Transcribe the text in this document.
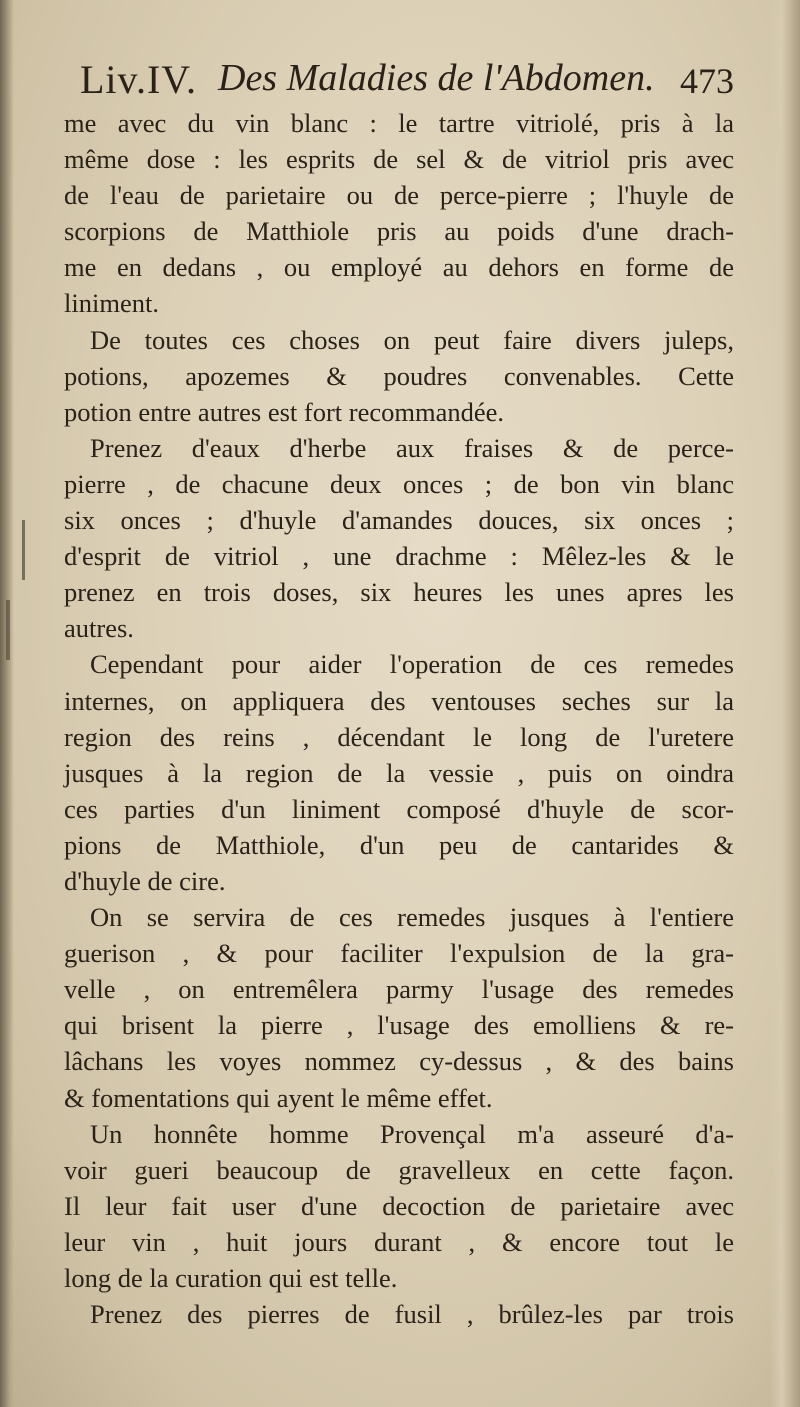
Liv.IV. Des Maladies de l'Abdomen. 473
me avec du vin blanc : le tartre vitriolé, pris à la
même dose : les esprits de sel & de vitriol pris avec
de l'eau de parietaire ou de perce-pierre ; l'huyle de
scorpions de Matthiole pris au poids d'une drach-
me en dedans , ou employé au dehors en forme de
liniment.
De toutes ces choses on peut faire divers juleps,
potions, apozemes & poudres convenables. Cette
potion entre autres est fort recommandée.
Prenez d'eaux d'herbe aux fraises & de perce-
pierre , de chacune deux onces ; de bon vin blanc
six onces ; d'huyle d'amandes douces, six onces ;
d'esprit de vitriol , une drachme : Mêlez-les & le
prenez en trois doses, six heures les unes apres les
autres.
Cependant pour aider l'operation de ces remedes
internes, on appliquera des ventouses seches sur la
region des reins , décendant le long de l'uretere
jusques à la region de la vessie , puis on oindra
ces parties d'un liniment composé d'huyle de scor-
pions de Matthiole, d'un peu de cantarides &
d'huyle de cire.
On se servira de ces remedes jusques à l'entiere
guerison , & pour faciliter l'expulsion de la gra-
velle , on entremêlera parmy l'usage des remedes
qui brisent la pierre , l'usage des emolliens & re-
lâchans les voyes nommez cy-dessus , & des bains
& fomentations qui ayent le même effet.
Un honnête homme Provençal m'a asseuré d'a-
voir gueri beaucoup de gravelleux en cette façon.
Il leur fait user d'une decoction de parietaire avec
leur vin , huit jours durant , & encore tout le
long de la curation qui est telle.
Prenez des pierres de fusil , brûlez-les par trois
